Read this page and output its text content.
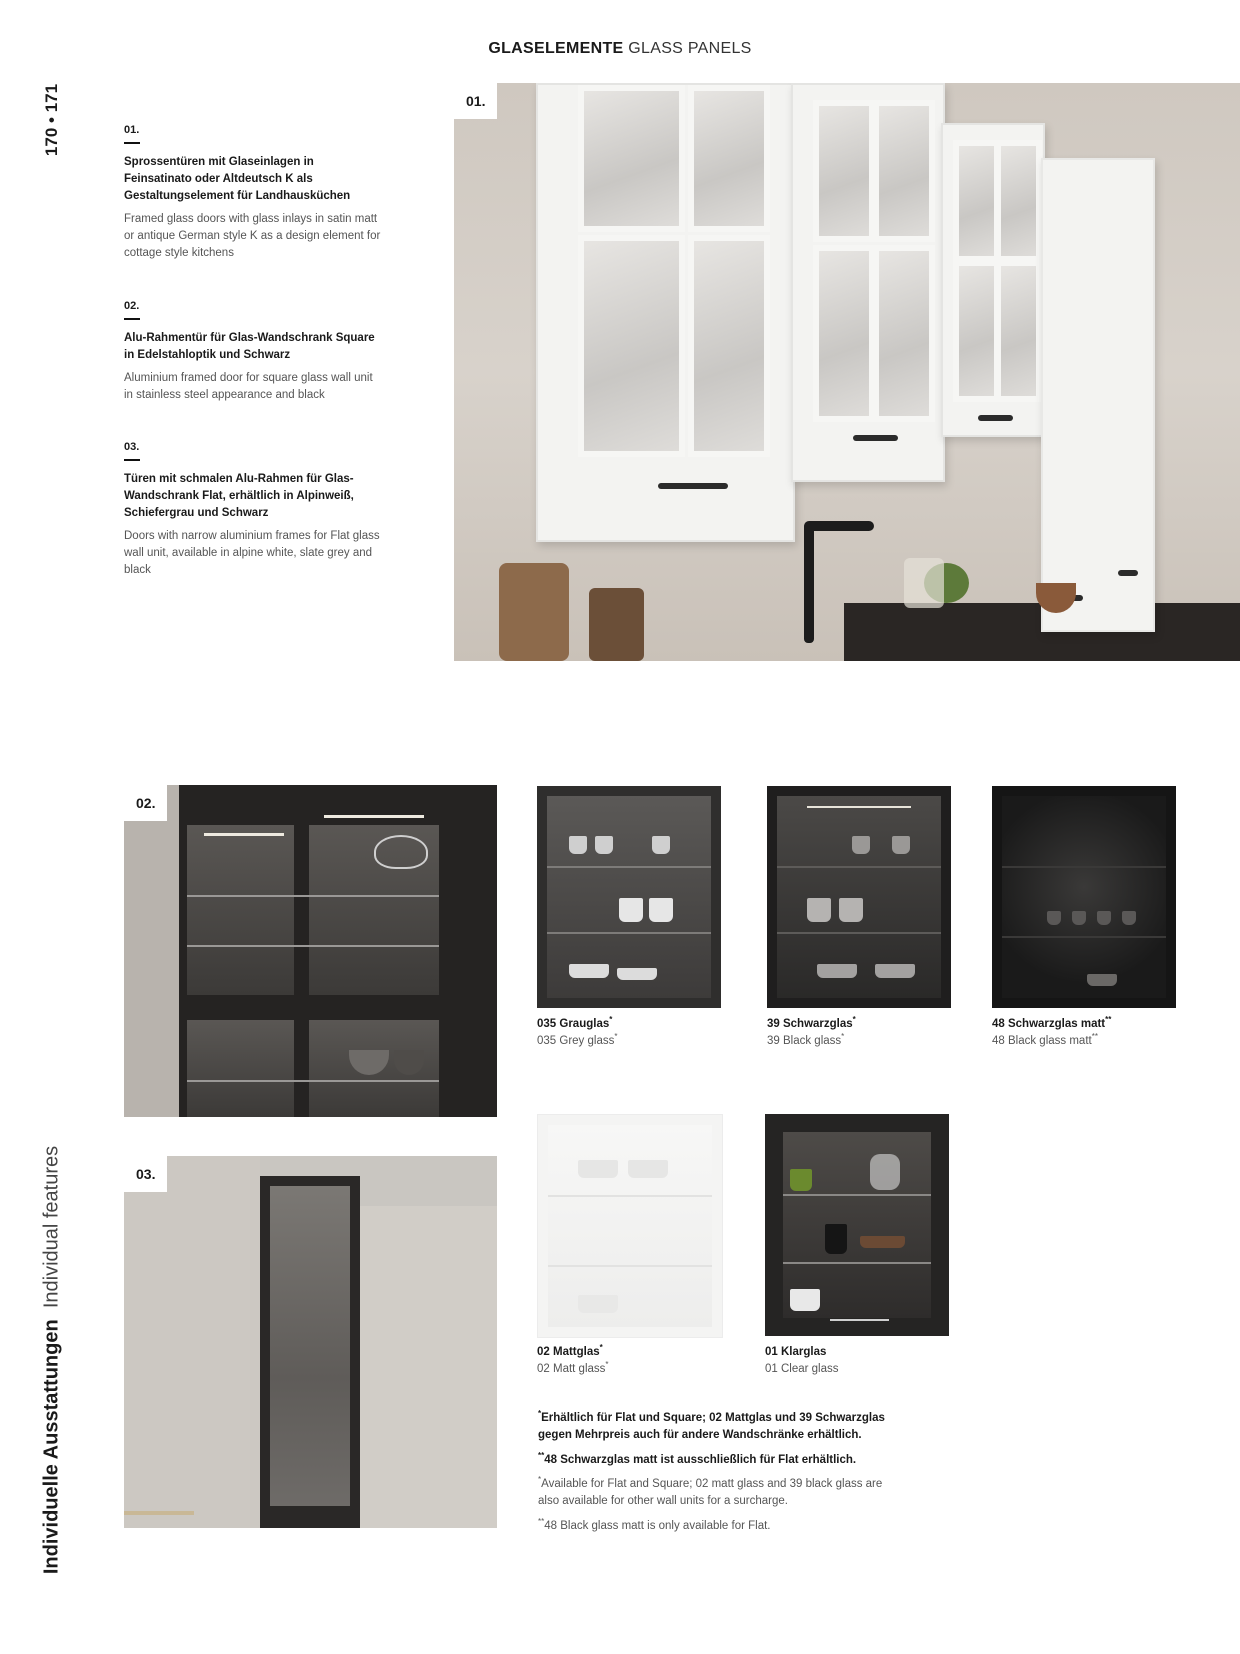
GLASELEMENTE GLASS PANELS
170 • 171
Individuelle Ausstattungen  Individual features
01.
Sprossentüren mit Glaseinlagen in Feinsatinato oder Altdeutsch K als Gestaltungselement für Landhausküchen
Framed glass doors with glass inlays in satin matt or antique German style K as a design element for cottage style kitchens
02.
Alu-Rahmentür für Glas-Wandschrank Square in Edelstahloptik und Schwarz
Aluminium framed door for square glass wall unit in stainless steel appearance and black
03.
Türen mit schmalen Alu-Rahmen für Glas-Wandschrank Flat, erhältlich in Alpinweiß, Schiefergrau und Schwarz
Doors with narrow aluminium frames for Flat glass wall unit, available in alpine white, slate grey and black
01.
02.
03.
035 Grauglas*
035 Grey glass*
39 Schwarzglas*
39 Black glass*
48 Schwarzglas matt**
48 Black glass matt**
02 Mattglas*
02 Matt glass*
01 Klarglas
01 Clear glass
*Erhältlich für Flat und Square; 02 Mattglas und 39 Schwarzglas gegen Mehrpreis auch für andere Wandschränke erhältlich.
**48 Schwarzglas matt ist ausschließlich für Flat erhältlich.
*Available for Flat and Square; 02 matt glass and 39 black glass are also available for other wall units for a surcharge.
**48 Black glass matt is only available for Flat.
